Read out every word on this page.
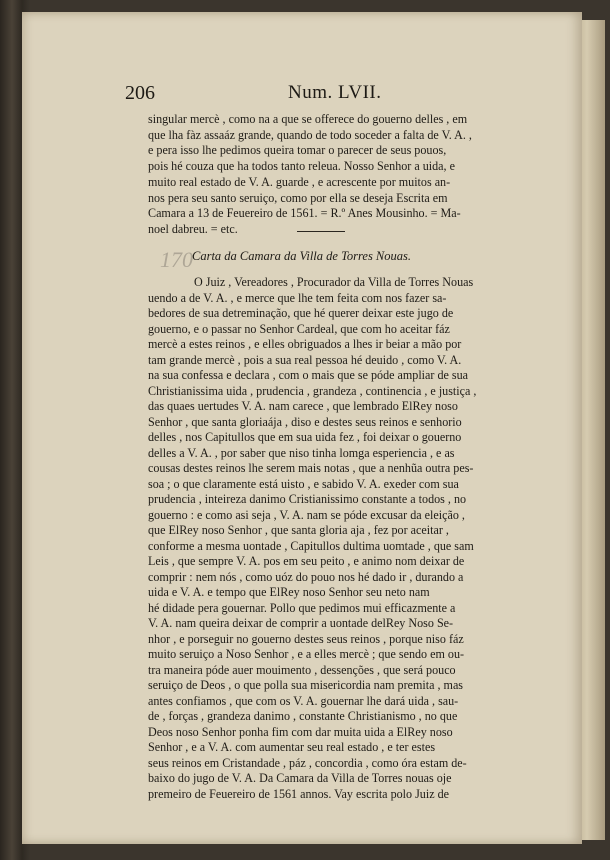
206	Num. LVII.
singular mercè , como na a que se offerece do gouerno delles , em
que lha fàz assaáz grande, quando de todo soceder a falta de V. A. ,
e pera isso lhe pedimos queira tomar o parecer de seus pouos,
pois hé couza que ha todos tanto releua. Nosso Senhor a uida, e
muito real estado de V. A. guarde , e acrescente por muitos an-
nos pera seu santo seruiço, como por ella se deseja Escrita em
Camara a 13 de Feuereiro de 1561. = R.º Anes Mousinho. = Ma-
noel dabreu. = etc.
170 Carta da Camara da Villa de Torres Nouas.
O Juiz , Vereadores , Procurador da Villa de Torres Nouas
uendo a de V. A. , e merce que lhe tem feita com nos fazer sa-
bedores de sua detreminação, que hé querer deixar este jugo de
gouerno, e o passar no Senhor Cardeal, que com ho aceitar fáz
mercè a estes reinos , e elles obriguados a lhes ir beiar a mão por
tam grande mercè , pois a sua real pessoa hé deuido , como V. A.
na sua confessa e declara , com o mais que se póde ampliar de sua
Christianissima uida , prudencia , grandeza , continencia , e justiça ,
das quaes uertudes V. A. nam carece , que lembrado ElRey noso
Senhor , que santa gloriaája , diso e destes seus reinos e senhorio
delles , nos Capitullos que em sua uida fez , foi deixar o gouerno
delles a V. A. , por saber que niso tinha lomga esperiencia , e as
cousas destes reinos lhe serem mais notas , que a nenhũa outra pes-
soa ; o que claramente está uisto , e sabido V. A. exeder com sua
prudencia , inteireza danimo Cristianissimo constante a todos , no
gouerno : e como asi seja , V. A. nam se póde excusar da eleição ,
que ElRey noso Senhor , que santa gloria aja , fez por aceitar ,
conforme a mesma uontade , Capitullos dultima uomtade , que sam
Leis , que sempre V. A. pos em seu peito , e animo nom deixar de
comprir : nem nós , como uóz do pouo nos hé dado ir , durando a
uida e V. A. e tempo que ElRey noso Senhor seu neto nam
hé didade pera gouernar. Pollo que pedimos mui efficazmente a
V. A. nam queira deixar de comprir a uontade delRey Noso Se-
nhor , e porseguir no gouerno destes seus reinos , porque niso fáz
muito seruiço a Noso Senhor , e a elles mercè ; que sendo em ou-
tra maneira póde auer mouimento , dessenções , que será pouco
seruiço de Deos , o que polla sua misericordia nam premita , mas
antes confiamos , que com os V. A. gouernar lhe dará uida , sau-
de , forças , grandeza danimo , constante Christianismo , no que
Deos noso Senhor ponha fim com dar muita uida a ElRey noso
Senhor , e a V. A. com aumentar seu real estado , e ter estes
seus reinos em Cristandade , páz , concordia , como óra estam de-
baixo do jugo de V. A. Da Camara da Villa de Torres nouas oje
premeiro de Feuereiro de 1561 annos. Vay escrita polo Juiz de
